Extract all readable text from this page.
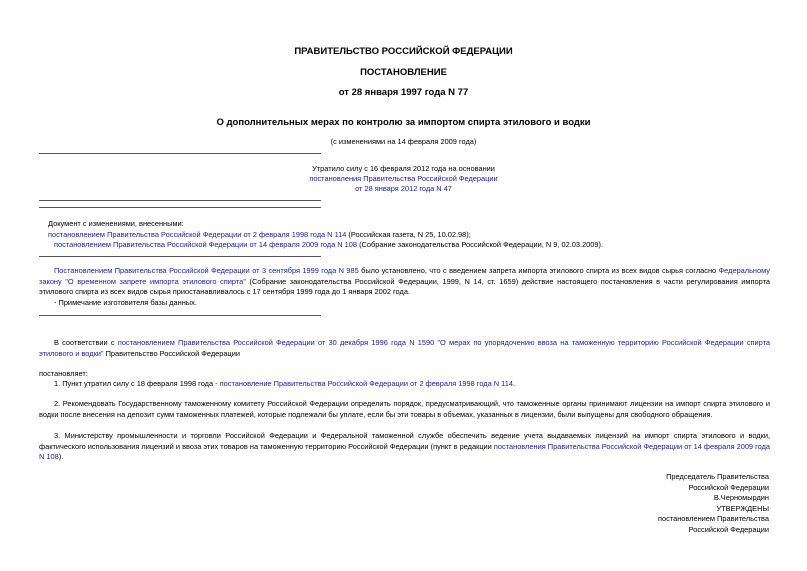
ПРАВИТЕЛЬСТВО РОССИЙСКОЙ ФЕДЕРАЦИИ
ПОСТАНОВЛЕНИЕ
от 28 января 1997 года N 77
О дополнительных мерах по контролю за импортом спирта этилового и водки
(с изменениями на 14 февраля 2009 года)
Утратило силу с 16 февраля 2012 года на основании
постановления Правительства Российской Федерации
от 28 января 2012 года N 47
Документ с изменениями, внесенными:
постановлением Правительства Российской Федерации от 2 февраля 1998 года N 114 (Российская газета, N 25, 10.02.98);
постановлением Правительства Российской Федерации от 14 февраля 2009 года N 108 (Собрание законодательства Российской Федерации, N 9, 02.03.2009).
Постановлением Правительства Российской Федерации от 3 сентября 1999 года N 985 было установлено, что с введением запрета импорта этилового спирта из всех видов сырья согласно Федеральному закону "О временном запрете импорта этилового спирта" (Собрание законодательства Российской Федерации, 1999, N 14, ст. 1659) действие настоящего постановления в части регулирования импорта этилового спирта из всех видов сырья приостанавливалось с 17 сентября 1999 года до 1 января 2002 года.
- Примечание изготовителя базы данных.
В соответствии с постановлением Правительства Российской Федерации от 30 декабря 1996 года N 1590 "О мерах по упорядочению ввоза на таможенную территорию Российской Федерации спирта этилового и водки" Правительство Российской Федерации
постановляет:
1. Пункт утратил силу с 18 февраля 1998 года - постановление Правительства Российской Федерации от 2 февраля 1998 года N 114.
2. Рекомендовать Государственному таможенному комитету Российской Федерации определить порядок, предусматривающий, что таможенные органы принимают лицензии на импорт спирта этилового и водки после внесения на депозит сумм таможенных платежей, которые подлежали бы уплате, если бы эти товары в объемах, указанных в лицензии, были выпущены для свободного обращения.
3. Министерству промышленности и торговли Российской Федерации и Федеральной таможенной службе обеспечить ведение учета выдаваемых лицензий на импорт спирта этилового и водки, фактического использования лицензий и ввоза этих товаров на таможенную территорию Российской Федерации (пункт в редакции постановления Правительства Российской Федерации от 14 февраля 2009 года N 108).
Председатель Правительства
Российской Федерации
В.Черномырдин
УТВЕРЖДЕНЫ
постановлением Правительства
Российской Федерации
